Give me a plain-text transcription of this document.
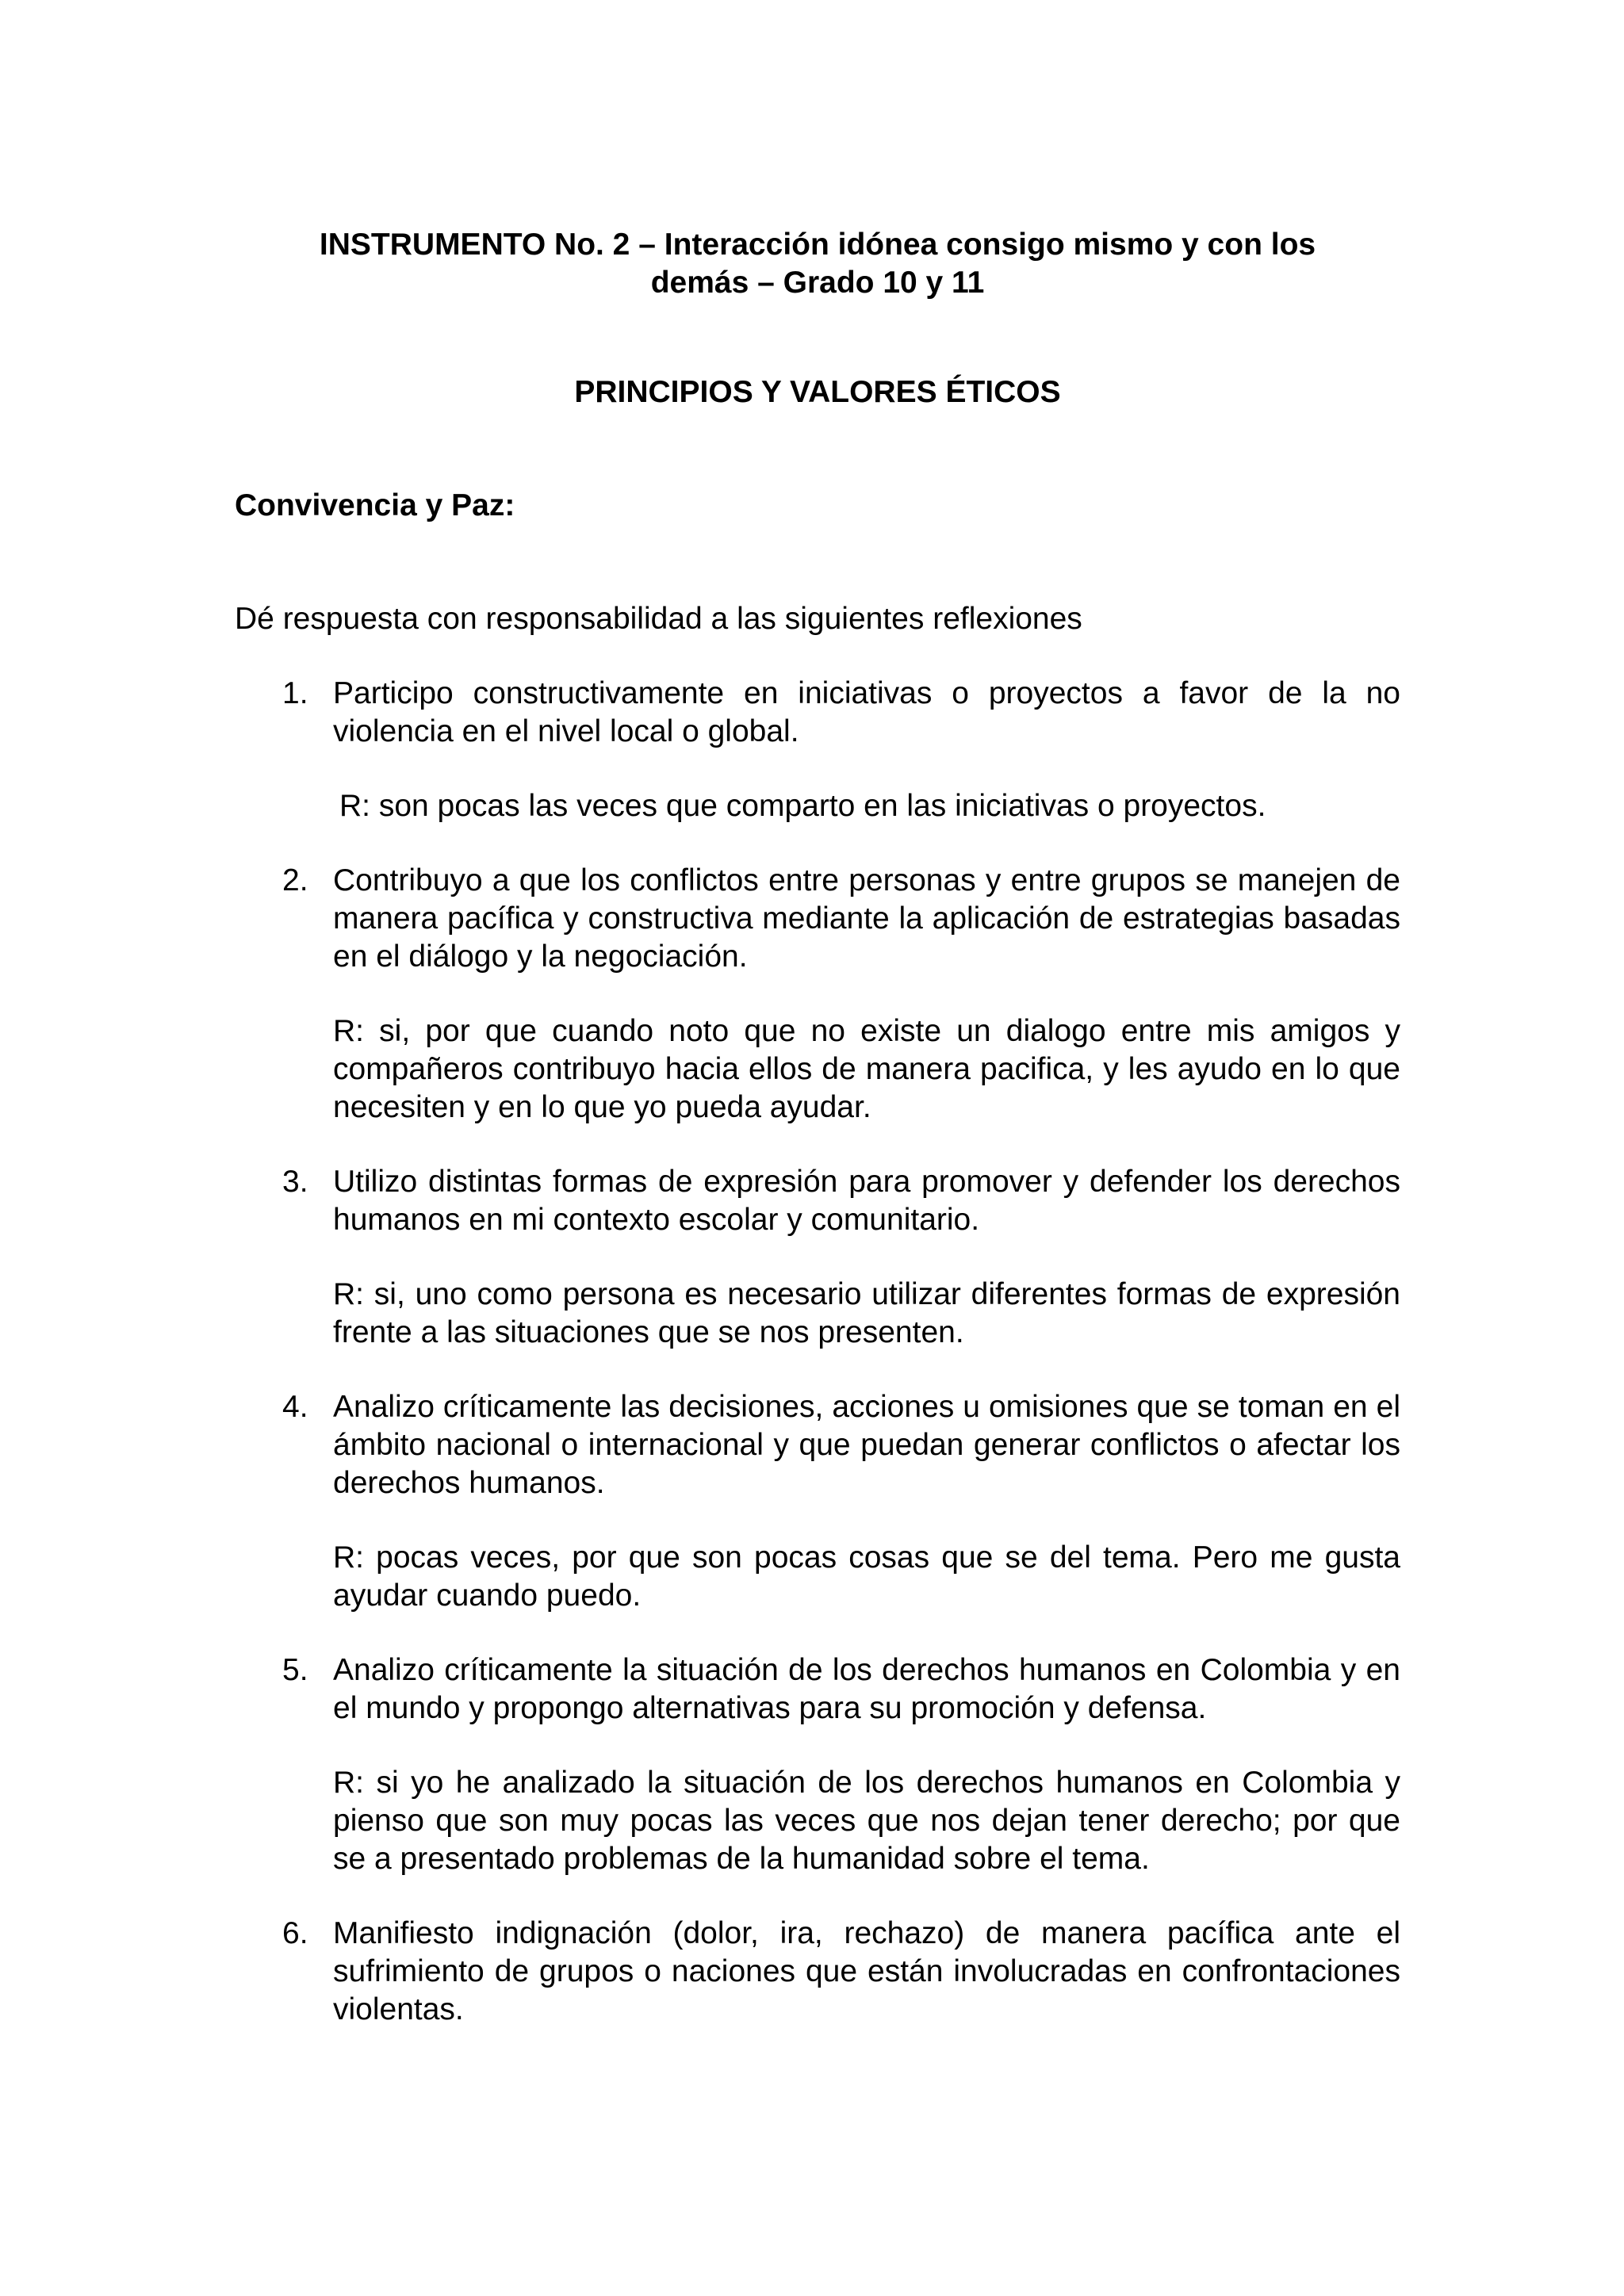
INSTRUMENTO No. 2 – Interacción idónea consigo mismo y con los demás – Grado 10 y 11
PRINCIPIOS Y VALORES ÉTICOS
Convivencia y Paz:

Dé respuesta con responsabilidad a las siguientes reflexiones

1. Participo constructivamente en iniciativas o proyectos a favor de la no violencia en el nivel local o global.

R: son pocas las veces que comparto en las iniciativas o proyectos.

2. Contribuyo a que los conflictos entre personas y entre grupos se manejen de manera pacífica y constructiva mediante la aplicación de estrategias basadas en el diálogo y la negociación.

R: si, por que cuando noto que no existe un dialogo entre mis amigos y compañeros contribuyo hacia ellos de manera pacifica, y les ayudo en lo que necesiten y en lo que yo pueda ayudar.

3. Utilizo distintas formas de expresión para promover y defender los derechos humanos en mi contexto escolar y comunitario.

R: si, uno como persona es necesario utilizar diferentes formas de expresión frente a las situaciones que se nos presenten.

4. Analizo críticamente las decisiones, acciones u omisiones que se toman en el ámbito nacional o internacional y que puedan generar conflictos o afectar los derechos humanos.

R: pocas veces, por que son pocas cosas que se del tema. Pero me gusta ayudar cuando puedo.

5. Analizo críticamente la situación de los derechos humanos en Colombia y en el mundo y propongo alternativas para su promoción y defensa.

R: si yo he analizado la situación de los derechos humanos en Colombia y pienso que son muy pocas las veces que nos dejan tener derecho; por que se a presentado problemas de la humanidad sobre el tema.

6. Manifiesto indignación (dolor, ira, rechazo) de manera pacífica ante el sufrimiento de grupos o naciones que están involucradas en confrontaciones violentas.
